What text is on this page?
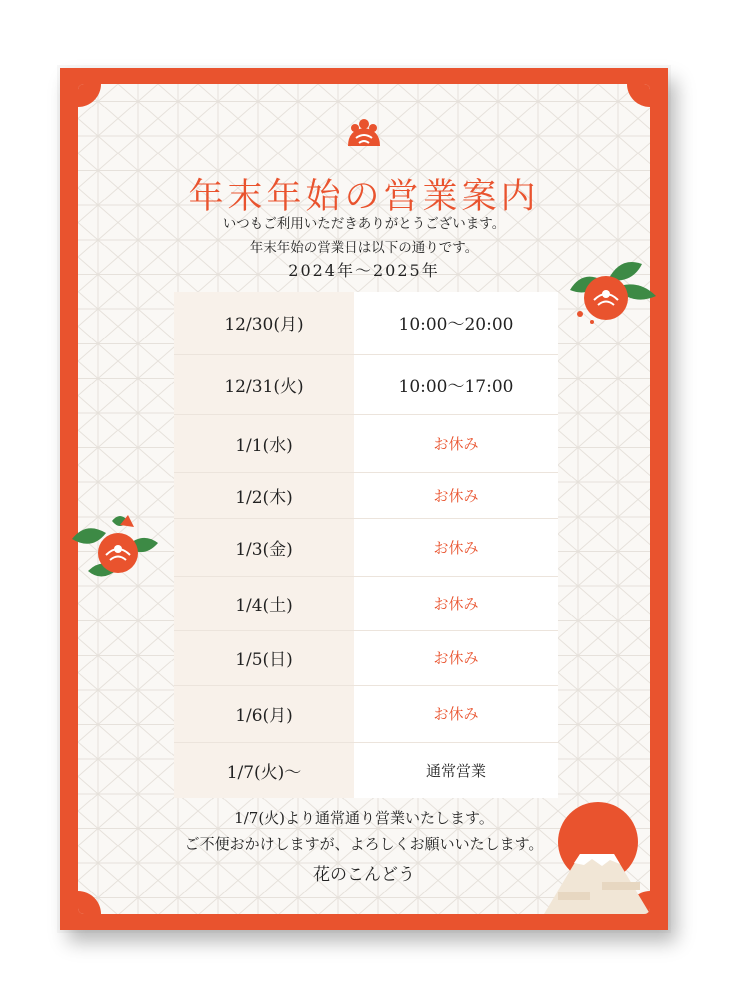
年末年始の営業案内
いつもご利用いただきありがとうございます。
年末年始の営業日は以下の通りです。
2024年～2025年
12/30(月)	10:00～20:00
12/31(火)	10:00～17:00
1/1(水)	お休み
1/2(木)	お休み
1/3(金)	お休み
1/4(土)	お休み
1/5(日)	お休み
1/6(月)	お休み
1/7(火)～	通常営業
1/7(火)より通常通り営業いたします。
ご不便おかけしますが、よろしくお願いいたします。
花のこんどう
